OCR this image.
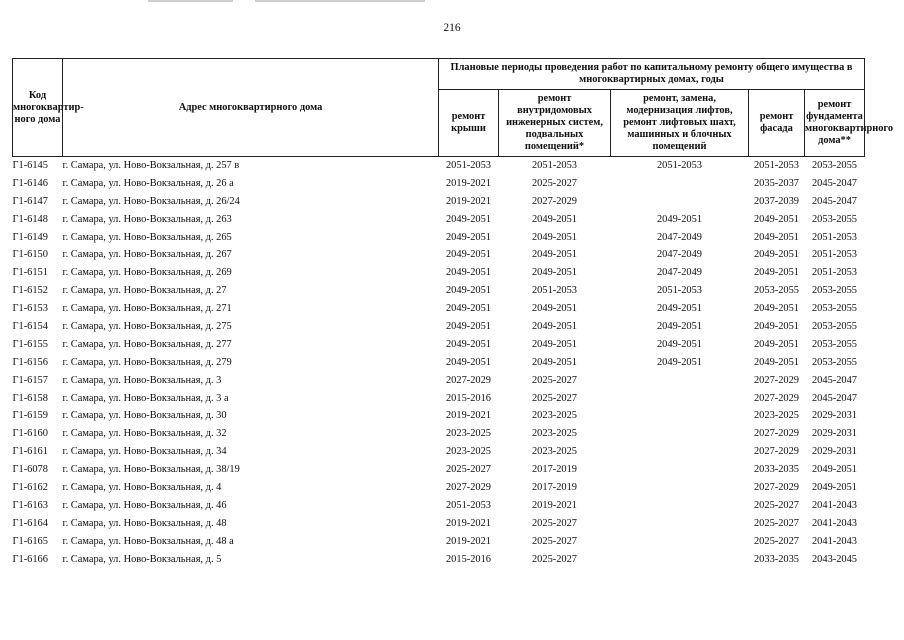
216
Код многоквартир-ного дома	Адрес многоквартирного дома	Плановые периоды проведения работ по капитальному ремонту общего имущества в многоквартирных домах, годы				
		ремонт крыши	ремонт внутридомовых инженерных систем, подвальных помещений*	ремонт, замена, модернизация лифтов, ремонт лифтовых шахт, машинных и блочных помещений	ремонт фасада	ремонт фундамента многоквартирного дома**
Г1-6145	г. Самара, ул. Ново-Вокзальная, д. 257 в	2051-2053	2051-2053	2051-2053	2051-2053	2053-2055
Г1-6146	г. Самара, ул. Ново-Вокзальная, д. 26 а	2019-2021	2025-2027		2035-2037	2045-2047
Г1-6147	г. Самара, ул. Ново-Вокзальная, д. 26/24	2019-2021	2027-2029		2037-2039	2045-2047
Г1-6148	г. Самара, ул. Ново-Вокзальная, д. 263	2049-2051	2049-2051	2049-2051	2049-2051	2053-2055
Г1-6149	г. Самара, ул. Ново-Вокзальная, д. 265	2049-2051	2049-2051	2047-2049	2049-2051	2051-2053
Г1-6150	г. Самара, ул. Ново-Вокзальная, д. 267	2049-2051	2049-2051	2047-2049	2049-2051	2051-2053
Г1-6151	г. Самара, ул. Ново-Вокзальная, д. 269	2049-2051	2049-2051	2047-2049	2049-2051	2051-2053
Г1-6152	г. Самара, ул. Ново-Вокзальная, д. 27	2049-2051	2051-2053	2051-2053	2053-2055	2053-2055
Г1-6153	г. Самара, ул. Ново-Вокзальная, д. 271	2049-2051	2049-2051	2049-2051	2049-2051	2053-2055
Г1-6154	г. Самара, ул. Ново-Вокзальная, д. 275	2049-2051	2049-2051	2049-2051	2049-2051	2053-2055
Г1-6155	г. Самара, ул. Ново-Вокзальная, д. 277	2049-2051	2049-2051	2049-2051	2049-2051	2053-2055
Г1-6156	г. Самара, ул. Ново-Вокзальная, д. 279	2049-2051	2049-2051	2049-2051	2049-2051	2053-2055
Г1-6157	г. Самара, ул. Ново-Вокзальная, д. 3	2027-2029	2025-2027		2027-2029	2045-2047
Г1-6158	г. Самара, ул. Ново-Вокзальная, д. 3 а	2015-2016	2025-2027		2027-2029	2045-2047
Г1-6159	г. Самара, ул. Ново-Вокзальная, д. 30	2019-2021	2023-2025		2023-2025	2029-2031
Г1-6160	г. Самара, ул. Ново-Вокзальная, д. 32	2023-2025	2023-2025		2027-2029	2029-2031
Г1-6161	г. Самара, ул. Ново-Вокзальная, д. 34	2023-2025	2023-2025		2027-2029	2029-2031
Г1-6078	г. Самара, ул. Ново-Вокзальная, д. 38/19	2025-2027	2017-2019		2033-2035	2049-2051
Г1-6162	г. Самара, ул. Ново-Вокзальная, д. 4	2027-2029	2017-2019		2027-2029	2049-2051
Г1-6163	г. Самара, ул. Ново-Вокзальная, д. 46	2051-2053	2019-2021		2025-2027	2041-2043
Г1-6164	г. Самара, ул. Ново-Вокзальная, д. 48	2019-2021	2025-2027		2025-2027	2041-2043
Г1-6165	г. Самара, ул. Ново-Вокзальная, д. 48 а	2019-2021	2025-2027		2025-2027	2041-2043
Г1-6166	г. Самара, ул. Ново-Вокзальная, д. 5	2015-2016	2025-2027		2033-2035	2043-2045
